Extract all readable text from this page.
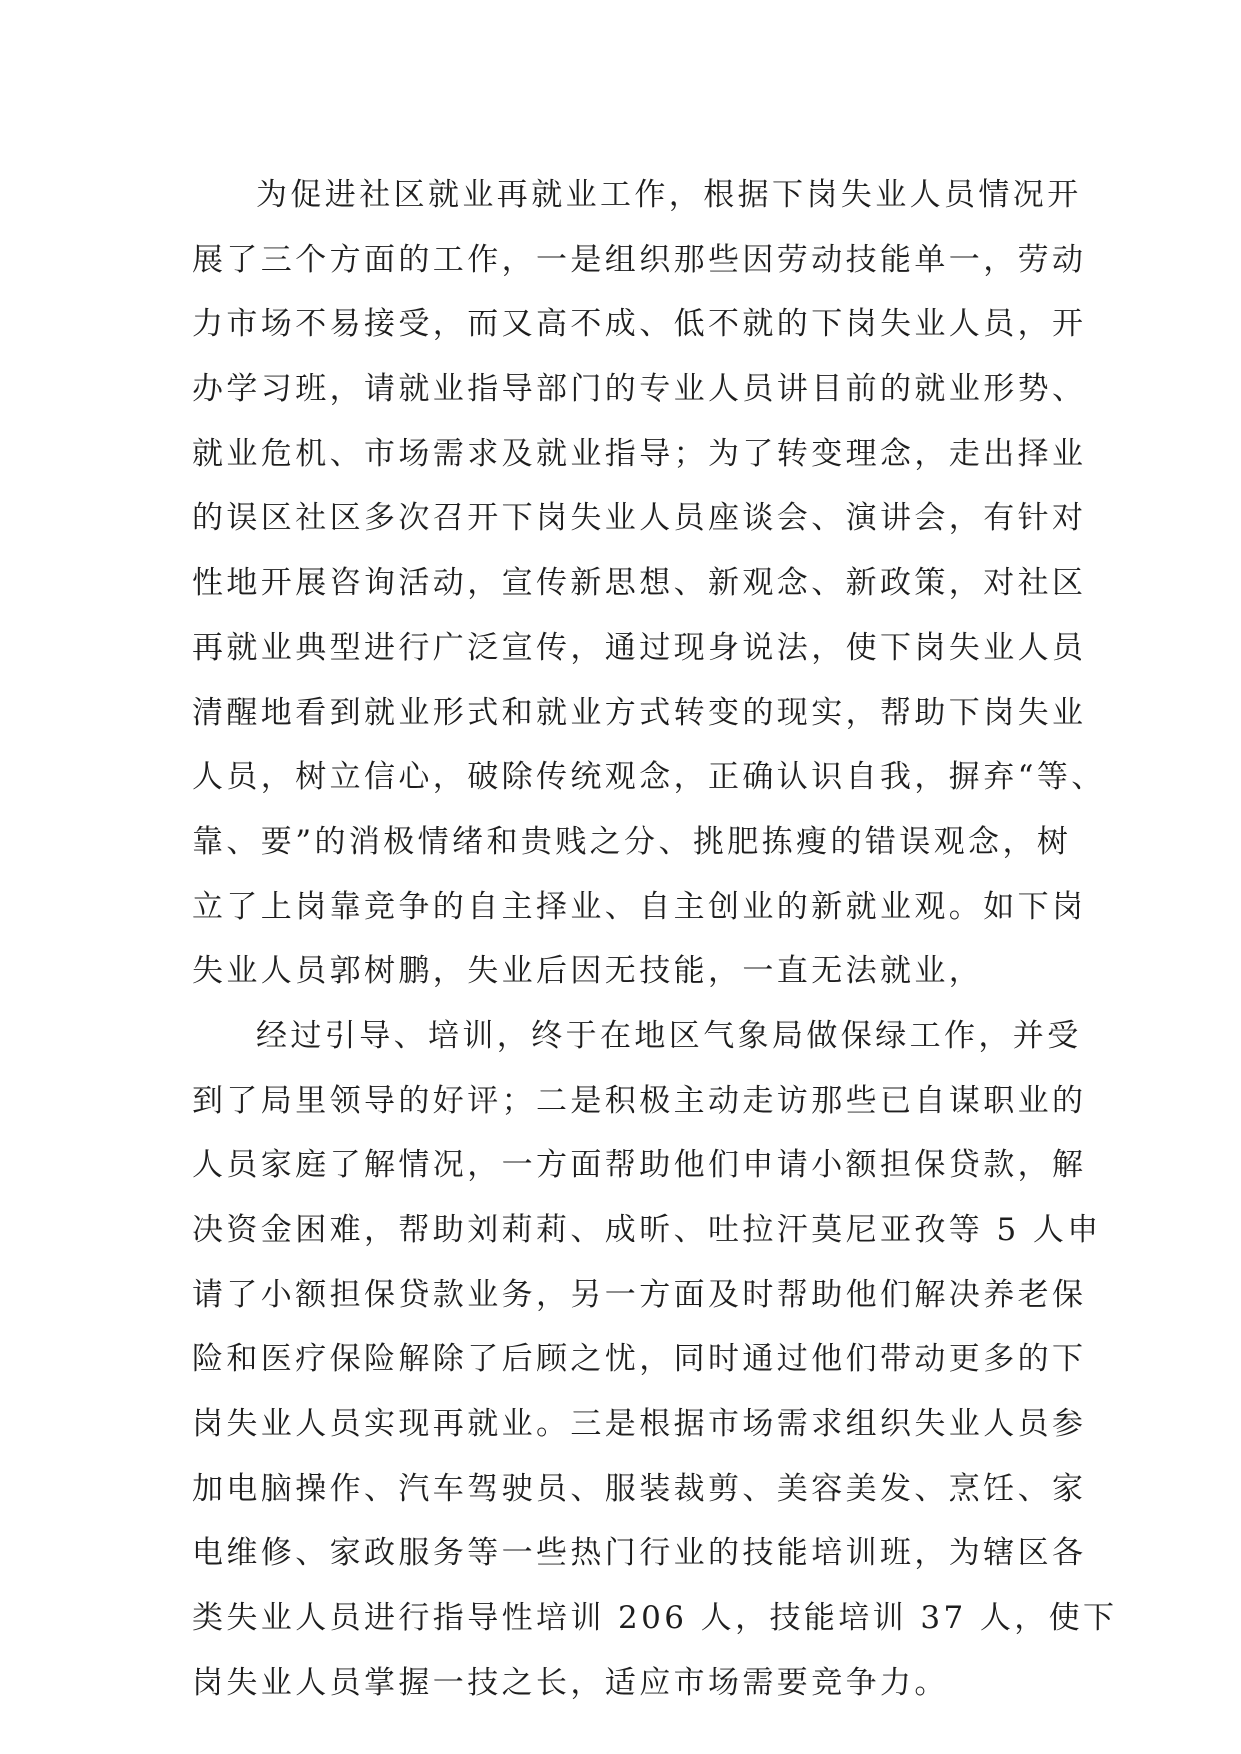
为促进社区就业再就业工作，根据下岗失业人员情况开
展了三个方面的工作，一是组织那些因劳动技能单一，劳动
力市场不易接受，而又高不成、低不就的下岗失业人员，开
办学习班，请就业指导部门的专业人员讲目前的就业形势、
就业危机、市场需求及就业指导；为了转变理念，走出择业
的误区社区多次召开下岗失业人员座谈会、演讲会，有针对
性地开展咨询活动，宣传新思想、新观念、新政策，对社区
再就业典型进行广泛宣传，通过现身说法，使下岗失业人员
清醒地看到就业形式和就业方式转变的现实，帮助下岗失业
人员，树立信心，破除传统观念，正确认识自我，摒弃“等、
靠、要”的消极情绪和贵贱之分、挑肥拣瘦的错误观念，树
立了上岗靠竞争的自主择业、自主创业的新就业观。如下岗
失业人员郭树鹏，失业后因无技能，一直无法就业，
经过引导、培训，终于在地区气象局做保绿工作，并受
到了局里领导的好评；二是积极主动走访那些已自谋职业的
人员家庭了解情况，一方面帮助他们申请小额担保贷款，解
决资金困难，帮助刘莉莉、成昕、吐拉汗莫尼亚孜等 5 人申
请了小额担保贷款业务，另一方面及时帮助他们解决养老保
险和医疗保险解除了后顾之忧，同时通过他们带动更多的下
岗失业人员实现再就业。三是根据市场需求组织失业人员参
加电脑操作、汽车驾驶员、服装裁剪、美容美发、烹饪、家
电维修、家政服务等一些热门行业的技能培训班，为辖区各
类失业人员进行指导性培训 206 人，技能培训 37 人，使下
岗失业人员掌握一技之长，适应市场需要竞争力。
